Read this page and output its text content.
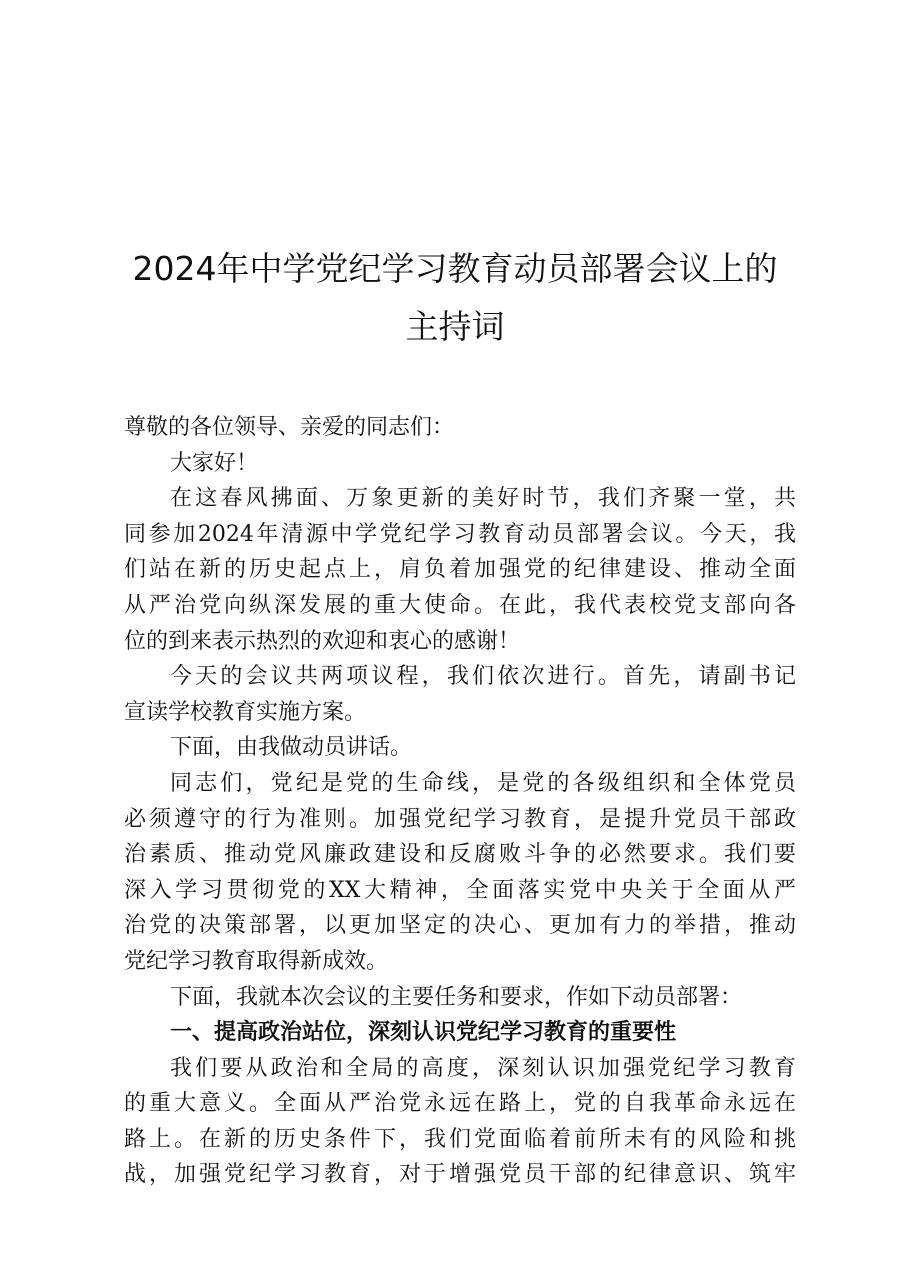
2024年中学党纪学习教育动员部署会议上的
主持词
尊敬的各位领导、亲爱的同志们：
大家好！
在这春风拂面、万象更新的美好时节，我们齐聚一堂，共
同参加2024年清源中学党纪学习教育动员部署会议。今天，我
们站在新的历史起点上，肩负着加强党的纪律建设、推动全面
从严治党向纵深发展的重大使命。在此，我代表校党支部向各
位的到来表示热烈的欢迎和衷心的感谢！
今天的会议共两项议程，我们依次进行。首先，请副书记
宣读学校教育实施方案。
下面，由我做动员讲话。
同志们，党纪是党的生命线，是党的各级组织和全体党员
必须遵守的行为准则。加强党纪学习教育，是提升党员干部政
治素质、推动党风廉政建设和反腐败斗争的必然要求。我们要
深入学习贯彻党的XX大精神，全面落实党中央关于全面从严
治党的决策部署，以更加坚定的决心、更加有力的举措，推动
党纪学习教育取得新成效。
下面，我就本次会议的主要任务和要求，作如下动员部署：
一、提高政治站位，深刻认识党纪学习教育的重要性
我们要从政治和全局的高度，深刻认识加强党纪学习教育
的重大意义。全面从严治党永远在路上，党的自我革命永远在
路上。在新的历史条件下，我们党面临着前所未有的风险和挑
战，加强党纪学习教育，对于增强党员干部的纪律意识、筑牢
